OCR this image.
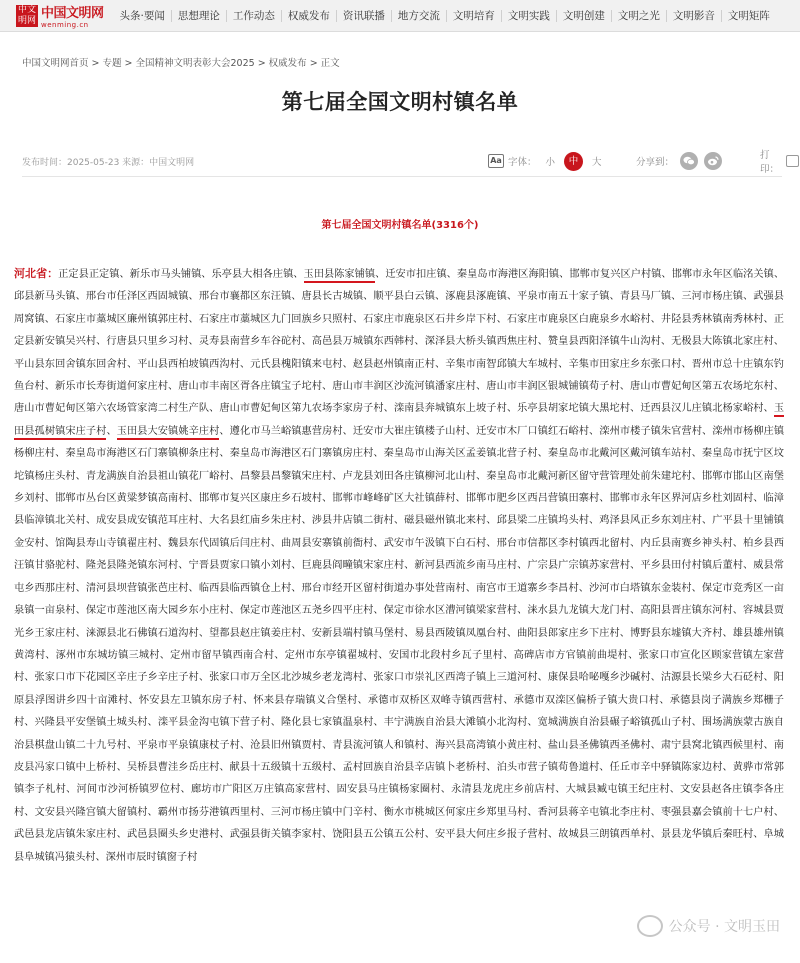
中文明网 中国文明网
wenming.cn
头条·要闻	思想理论	工作动态	权威发布	资讯联播	地方交流	文明培育	文明实践	文明创建	文明之光	文明影音	文明矩阵
中国文明网首页 > 专题 > 全国精神文明表彰大会2025 > 权威发布 > 正文
第七届全国文明村镇名单
发布时间：2025-05-23 来源：中国文明网	Aa 字体： 小	中	大	分享到：
打印：
第七届全国文明村镇名单(3316个)
河北省：正定县正定镇、新乐市马头铺镇、乐亭县大相各庄镇、玉田县陈家铺镇、迁安市扣庄镇、秦皇岛市海港区海阳镇、邯郸市复兴区户村镇、邯郸市永年区临洺关镇、邱县新马头镇、邢台市任泽区西固城镇、邢台市襄都区东汪镇、唐县长古城镇、顺平县白云镇、涿鹿县涿鹿镇、平泉市南五十家子镇、青县马厂镇、三河市杨庄镇、武强县周窝镇、石家庄市藁城区廉州镇郭庄村、石家庄市藁城区九门回族乡只照村、石家庄市鹿泉区石井乡岸下村、石家庄市鹿泉区白鹿泉乡水峪村、井陉县秀林镇南秀林村、正定县新安镇吴兴村、行唐县只里乡习村、灵寿县南营乡车谷砣村、高邑县万城镇东西韩村、深泽县大桥头镇西焦庄村、赞皇县西阳泽镇牛山沟村、无极县大陈镇北家庄村、平山县东回舍镇东回舍村、平山县西柏坡镇西沟村、元氏县槐阳镇来屯村、赵县赵州镇南正村、辛集市南智邱镇大车城村、辛集市田家庄乡东张口村、晋州市总十庄镇东钓鱼台村、新乐市长寿街道何家庄村、唐山市丰南区胥各庄镇宝子坨村、唐山市丰润区沙流河镇潘家庄村、唐山市丰润区银城铺镇荀子村、唐山市曹妃甸区第五农场坨东村、唐山市曹妃甸区第六农场管家湾二村生产队、唐山市曹妃甸区第九农场李家房子村、滦南县奔城镇东上坡子村、乐亭县胡家坨镇大黑坨村、迁西县汉儿庄镇北杨家峪村、玉田县孤树镇宋庄子村、玉田县大安镇姚辛庄村、遵化市马兰峪镇惠营房村、迁安市大崔庄镇楼子山村、迁安市木厂口镇红石峪村、滦州市楼子镇朱官营村、滦州市杨柳庄镇杨柳庄村、秦皇岛市海港区石门寨镇柳条庄村、秦皇岛市海港区石门寨镇房庄村、秦皇岛市山海关区孟姜镇北营子村、秦皇岛市北戴河区戴河镇车站村、秦皇岛市抚宁区坟坨镇杨庄头村、青龙满族自治县祖山镇花厂峪村、昌黎县昌黎镇宋庄村、卢龙县刘田各庄镇柳河北山村、秦皇岛市北戴河新区留守营管理处前朱建坨村、邯郸市邯山区南堡乡刘村、邯郸市丛台区黄粱梦镇高南村、邯郸市复兴区康庄乡石坡村、邯郸市峰峰矿区大社镇薛村、邯郸市肥乡区西吕营镇田寨村、邯郸市永年区界河店乡杜刘固村、临漳县临漳镇北关村、成安县成安镇范耳庄村、大名县红庙乡朱庄村、涉县井店镇二街村、磁县磁州镇北来村、邱县梁二庄镇坞头村、鸡泽县风正乡东刘庄村、广平县十里铺镇金安村、馆陶县寿山寺镇翟庄村、魏县东代固镇后闫庄村、曲周县安寨镇前衙村、武安市午汲镇下白石村、邢台市信都区李村镇西北留村、内丘县南赛乡神头村、柏乡县西汪镇甘骆驼村、隆尧县隆尧镇东河村、宁晋县贾家口镇小刘村、巨鹿县阎疃镇宋家庄村、新河县西流乡南马庄村、广宗县广宗镇苏家营村、平乡县田付村镇后董村、威县常屯乡西那庄村、清河县坝营镇张芭庄村、临西县临西镇仓上村、邢台市经开区留村街道办事处营南村、南宫市王道寨乡李昌村、沙河市白塔镇东金装村、保定市竞秀区一亩泉镇一亩泉村、保定市莲池区南大园乡东小庄村、保定市莲池区五尧乡四平庄村、保定市徐水区漕河镇梁家营村、涞水县九龙镇大龙门村、高阳县晋庄镇东河村、容城县贾光乡王家庄村、涞源县北石佛镇石道沟村、望都县赵庄镇姜庄村、安新县端村镇马堡村、易县西陵镇凤凰台村、曲阳县郎家庄乡下庄村、博野县东墟镇大齐村、雄县雄州镇黄湾村、涿州市东城坊镇三城村、定州市留早镇西南合村、定州市东亭镇翟城村、安国市北段村乡瓦子里村、高碑店市方官镇前曲堤村、张家口市宣化区顾家营镇左家营村、张家口市下花园区辛庄子乡辛庄子村、张家口市万全区北沙城乡老龙湾村、张家口市崇礼区西湾子镇上三道河村、康保县哈咇嘎乡沙碱村、沽源县长梁乡大石砭村、阳原县浮图讲乡四十亩滩村、怀安县左卫镇东房子村、怀来县存瑞镇义合堡村、承德市双桥区双峰寺镇西营村、承德市双滦区偏桥子镇大贵口村、承德县岗子满族乡郑栅子村、兴隆县平安堡镇土城头村、滦平县金沟屯镇下营子村、隆化县七家镇温泉村、丰宁满族自治县大滩镇小北沟村、宽城满族自治县碾子峪镇孤山子村、围场满族蒙古族自治县棋盘山镇二十九号村、平泉市平泉镇康杖子村、沧县旧州镇贾村、青县流河镇人和镇村、海兴县高湾镇小黄庄村、盐山县圣佛镇西圣佛村、肃宁县窝北镇西候里村、南皮县冯家口镇中上桥村、吴桥县曹洼乡岳庄村、献县十五级镇十五级村、孟村回族自治县辛店镇卜老桥村、泊头市营子镇荀鲁道村、任丘市辛中驿镇陈家边村、黄骅市常郭镇李子札村、河间市沙河桥镇罗位村、廊坊市广阳区万庄镇高家营村、固安县马庄镇杨家圈村、永清县龙虎庄乡前店村、大城县臧屯镇王纪庄村、文安县赵各庄镇李各庄村、文安县兴隆宫镇大留镇村、霸州市扬芬港镇西里村、三河市杨庄镇中门辛村、衡水市桃城区何家庄乡郑里马村、香河县蒋辛屯镇北李庄村、枣强县嘉会镇前十七户村、武邑县龙店镇朱家庄村、武邑县圈头乡史港村、武强县街关镇李家村、饶阳县五公镇五公村、安平县大何庄乡报子营村、故城县三朗镇西单村、景县龙华镇后秦旺村、阜城县阜城镇冯猿头村、深州市辰时镇窗子村
公众号 · 文明玉田
